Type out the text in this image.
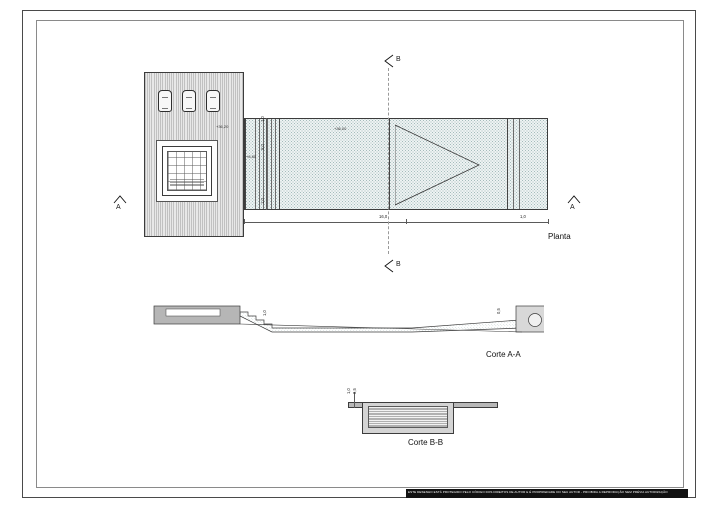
+36,20	+36,00
+6,80
1,0
5,0
1,0
16,0	1,0
Planta
A	A
B
B
1,0	0,5
Corte A-A
1,0 0,5
Corte B-B
ESTE DESENHO ESTÁ PROTEGIDO PELO CÓDIGO DOS DIREITOS DE AUTOR E É PROPRIEDADE DO SEU AUTOR - PROIBIDA A REPRODUÇÃO SEM PRÉVIA AUTORIZAÇÃO
